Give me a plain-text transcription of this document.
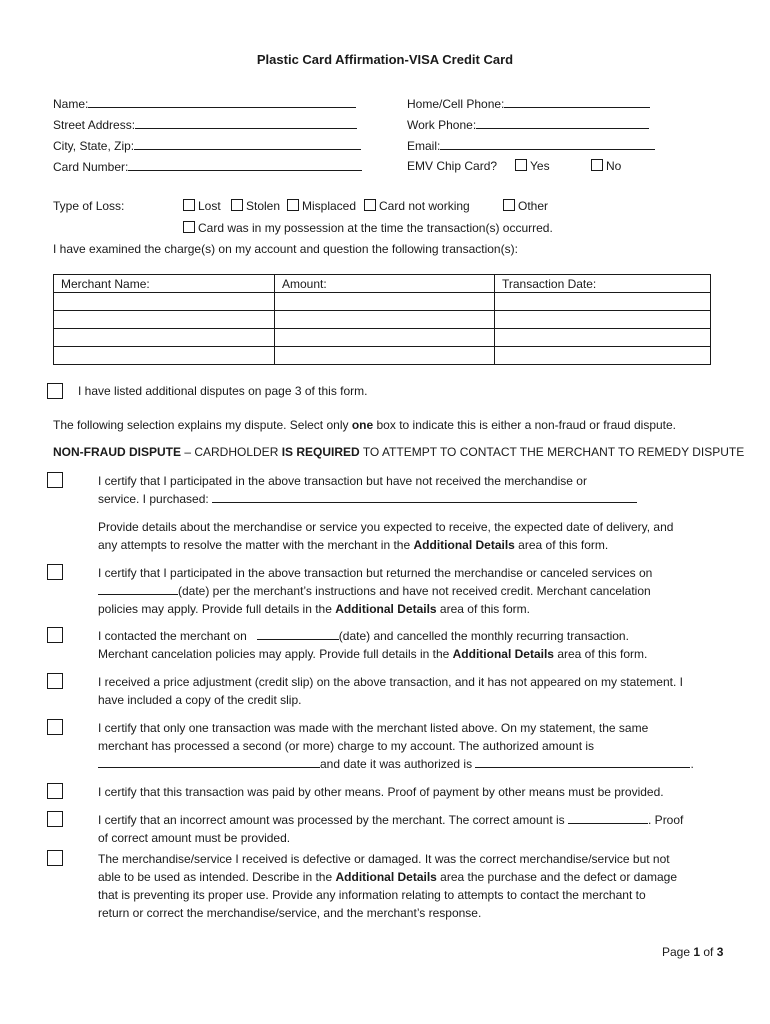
Plastic Card Affirmation-VISA Credit Card
Name:
Street Address:
City, State, Zip:
Card Number:
Home/Cell Phone:
Work Phone:
Email:
EMV Chip Card?	Yes	No
Type of Loss:	Lost	Stolen	Misplaced	Card not working	Other
Card was in my possession at the time the transaction(s) occurred.
I have examined the charge(s) on my account and question the following transaction(s):
Merchant Name:	Amount:	Transaction Date:

I have listed additional disputes on page 3 of this form.
The following selection explains my dispute. Select only one box to indicate this is either a non-fraud or fraud dispute.
NON-FRAUD DISPUTE – CARDHOLDER IS REQUIRED TO ATTEMPT TO CONTACT THE MERCHANT TO REMEDY DISPUTE
I certify that I participated in the above transaction but have not received the merchandise or
service. I purchased:
Provide details about the merchandise or service you expected to receive, the expected date of delivery, and
any attempts to resolve the matter with the merchant in the Additional Details area of this form.
I certify that I participated in the above transaction but returned the merchandise or canceled services on
(date) per the merchant’s instructions and have not received credit. Merchant cancelation
policies may apply. Provide full details in the Additional Details area of this form.
I contacted the merchant on	(date) and cancelled the monthly recurring transaction.
Merchant cancelation policies may apply. Provide full details in the Additional Details area of this form.
I received a price adjustment (credit slip) on the above transaction, and it has not appeared on my statement. I
have included a copy of the credit slip.
I certify that only one transaction was made with the merchant listed above. On my statement, the same
merchant has processed a second (or more) charge to my account. The authorized amount is
and date it was authorized is	.
I certify that this transaction was paid by other means. Proof of payment by other means must be provided.
I certify that an incorrect amount was processed by the merchant. The correct amount is	. Proof
of correct amount must be provided.
The merchandise/service I received is defective or damaged. It was the correct merchandise/service but not
able to be used as intended. Describe in the Additional Details area the purchase and the defect or damage
that is preventing its proper use. Provide any information relating to attempts to contact the merchant to
return or correct the merchandise/service, and the merchant’s response.
Page 1 of 3
